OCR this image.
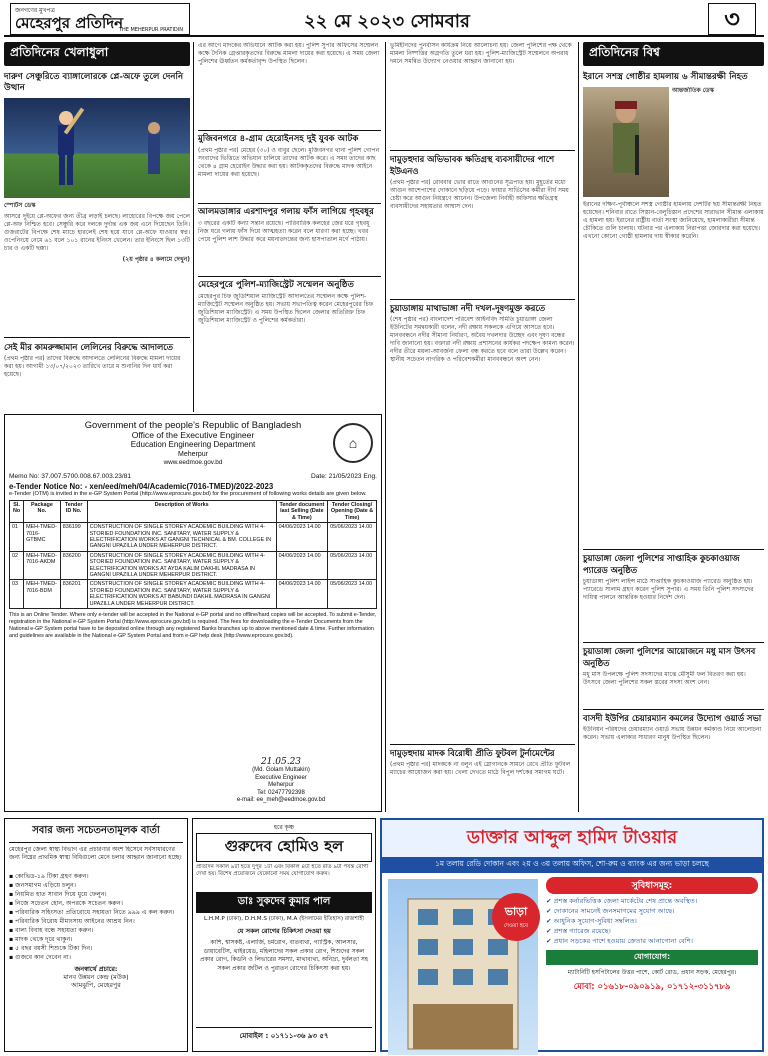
জনগণের মুখপত্র
মেহেরপুর প্রতিদিন
THE MEHERPUR PRATIDIN	২২ মে ২০২৩ সোমবার	৩
প্রতিদিনের খেলাধুলা
দারুণ সেঞ্চুরিতে ব্যাঙ্গালোরকে প্লে-অফে তুলে দেননি উত্থান

স্পোর্টস ডেস্ক

আসরে দুইয়ে প্লে-অফের জন্য তীব্র লড়াই চলছে। লাহোরের বিপক্ষে জয় পেলে প্লে-অফ নিশ্চিত হবে। সেঞ্চুরি করে দলকে দুর্দান্ত এক জয় এনে দিয়েছেন তিনি। গুজরাটের বিপক্ষে শেষ ম্যাচে হারলেই শেষ হয়ে যাবে প্লে-অফে যাওয়ার স্বপ্ন। ওপেনিংয়ে নেমে ৬১ বলে ১০১ রানের ইনিংস খেলেন। তার ইনিংসে ছিল ১৩টি চার ও একটি ছক্কা।

(২য় পৃষ্ঠার ৪ কলামে দেখুন)

সেই মীর কামরুজ্জামান লেলিনের বিরুদ্ধে আদালতে
(প্রথম পৃষ্ঠার পর) তাদের বিরুদ্ধে আদালতে লেলিনের বিরুদ্ধে মামলা দায়ের করা হয়। আগামী ১৩/০৭/২০২৩ তারিখে তারে ম শুনানির দিন ধার্য করা হয়েছে।
এর আগে মাদকের অভিযানে আটক করা হয়। পুলিশ সুপার অফিসের সম্মেলন কক্ষে দৈনিক গ্রেপ্তারকৃতদের বিরুদ্ধে মামলা দায়ের করা হয়েছে। এ সময় জেলা পুলিশের ঊর্ধ্বতন কর্মকর্তাবৃন্দ উপস্থিত ছিলেন।
মুজিবনগরে ৪-গ্রাম হেরোইনসহ দুই যুবক আটক
(প্রথম পৃষ্ঠার পর) মেহের (৩০) ও বাবুর ছেলে। মুজিবনগর থানা পুলিশ গোপন সংবাদের ভিত্তিতে অভিযান চালিয়ে তাদের আটক করে। এ সময় তাদের কাছ থেকে ৪ গ্রাম হেরোইন উদ্ধার করা হয়। আটককৃতদের বিরুদ্ধে মাদক আইনে মামলা দায়ের করা হয়েছে।
আলমডাঙ্গার এরশাদপুর গলায় ফাঁস লাগিয়ে গৃহবধূর
৩ বছরের একটি কন্যা সন্তান রয়েছে। পারিবারিক কলহের জের ধরে গৃহবধূ নিজ ঘরে গলায় ফাঁস দিয়ে আত্মহত্যা করেন বলে ধারণা করা হচ্ছে। খবর পেয়ে পুলিশ লাশ উদ্ধার করে ময়নাতদন্তের জন্য হাসপাতাল মর্গে পাঠায়।
মেহেরপুরে পুলিশ-ম্যাজিস্ট্রেট সম্মেলন অনুষ্ঠিত
মেহেরপুর চিফ জুডিশিয়াল ম্যাজিস্ট্রেট আদালতের সম্মেলন কক্ষে পুলিশ-ম্যাজিস্ট্রেট সম্মেলন অনুষ্ঠিত হয়। সভায় সভাপতিত্ব করেন মেহেরপুরের চিফ জুডিশিয়াল ম্যাজিস্ট্রেট। এ সময় উপস্থিত ছিলেন জেলার অতিরিক্ত চিফ জুডিশিয়াল ম্যাজিস্ট্রেট ও পুলিশের কর্মকর্তারা।
Government of the people's Republic of Bangladesh
Office of the Executive Engineer
Education Engineering Department
Meherpur
www.eedmoe.gov.bd
⌂
Memo No: 37.007.5700.008.67.003.23/81	Date: 21/05/2023 Eng.
e-Tender Notice No: - xen/eed/meh/04/Academic(7016-TMED)/2022-2023
e-Tender (OTM) is invited in the e-GP System Portal (http://www.eprocure.gov.bd) for the procurement of following works details are given below.
Sl. No	Package No.	Tender ID No.	Description of Works	Tender document last Selling (Date & Time)	Tender Closing/ Opening (Date & Time)
01	MEH-TMED-7016-GTBMC	836199	CONSTRUCTION OF SINGLE STOREY ACADEMIC BUILDING WITH 4-STORIED FOUNDATION INC. SANITARY, WATER SUPPLY & ELECTRIFICATION WORKS AT GANGNI TECHNICAL & BM. COLLEGE IN GANGNI UPAZILLA UNDER MEHERPUR DISTRICT.	04/06/2023 14.00	05/06/2023 14.00
02	MEH-TMED-7016-AKDM	836200	CONSTRUCTION OF SINGLE STOREY ACADEMIC BUILDING WITH 4-STORIED FOUNDATION INC. SANITARY, WATER SUPPLY & ELECTRIFICATION WORKS AT AYDA KALIM DAKHIL MADRASA IN GANGNI UPAZILLA UNDER MEHERPUR DISTRICT.	04/06/2023 14.00	05/06/2023 14.00
03	MEH-TMED-7016-BDM	836201	CONSTRUCTION OF SINGLE STOREY ACADEMIC BUILDING WITH 4-STORIED FOUNDATION INC. SANITARY, WATER SUPPLY & ELECTRIFICATION WORKS AT BABUNDI DAKHIL MADRASA IN GANGNI UPAZILLA UNDER MEHERPUR DISTRICT.	04/06/2023 14.00	05/06/2023 14.00
This is an Online Tender. Where only e-tender will be accepted in the National e-GP portal and no offline/hard copies will be accepted. To submit e-Tender, registration in the National e-GP System Portal (http://www.eprocure.gov.bd) is required. The fees for downloading the e-Tender Documents from the National e-GP System portal have to be deposited online through any registered Banks branches up to above mentioned date & time. Further information and guidelines are available in the National e-GP System Portal and from e-GP help desk (http://www.eprocure.gov.bd).
21.05.23
(Md. Golam Muttakin)
Executive Engineer
Meherpur
Tel: 02477792398
e-mail: ee_meh@eedmoe.gov.bd
ভুমিহীনদের পুনর্বাসন কার্যক্রম নিয়ে আলোচনা হয়। জেলা পুলিশের পক্ষ থেকে মামলা নিষ্পত্তির অগ্রগতি তুলে ধরা হয়। পুলিশ-ম্যাজিস্ট্রেট সম্মেলনে অপরাধ দমনে সমন্বিত উদ্যোগ নেওয়ার আহ্বান জানানো হয়।
দামুড়হুদার অভিভাবক ক্ষতিগ্রস্থ ব্যবসায়ীদের পাশে ইউএনও
(প্রথম পৃষ্ঠার পর) রোববার ভোর রাতে আগুনের সূত্রপাত হয়। মুহূর্তের মধ্যে আগুন আশেপাশের দোকানে ছড়িয়ে পড়ে। ফায়ার সার্ভিসের কর্মীরা দীর্ঘ সময় চেষ্টা করে আগুন নিয়ন্ত্রণে আনেন। উপজেলা নির্বাহী অফিসার ক্ষতিগ্রস্থ ব্যবসায়ীদের সহায়তার আশ্বাস দেন।
চুয়াডাঙ্গায় মাথাভাঙ্গা নদী দখল-দূষণমুক্ত করতে
(শেষ পৃষ্ঠার পর) বাংলাদেশ পরিবেশ আইনবিদ সমিতি চুয়াডাঙ্গা জেলা ইউনিটের সমন্বয়কারী বলেন, নদী রক্ষায় সকলকে এগিয়ে আসতে হবে। মানববন্ধনে নদীর সীমানা নির্ধারণ, অবৈধ দখলদার উচ্ছেদ এবং দূষণ বন্ধের দাবি জানানো হয়। বক্তারা নদী রক্ষায় প্রশাসনের কার্যকর পদক্ষেপ কামনা করেন। নদীর তীরে ময়লা-আবর্জনা ফেলা বন্ধ করতে হবে বলে তারা উল্লেখ করেন। স্থানীয় সচেতন নাগরিক ও পরিবেশকর্মীরা মানববন্ধনে অংশ নেন।
দামুড়হুদায় মাদক বিরোধী প্রীতি ফুটবল টুর্নামেন্টের
(প্রথম পৃষ্ঠার পর) মাদককে না বলুন এই স্লোগানকে সামনে রেখে প্রীতি ফুটবল ম্যাচের আয়োজন করা হয়। খেলা দেখতে মাঠে বিপুল দর্শকের সমাগম ঘটে।
প্রতিদিনের বিশ্ব
ইরানে সশস্ত্র গোষ্ঠীর হামলায় ৬ সীমান্তরক্ষী নিহত

আন্তর্জাতিক ডেস্ক

ইরানের দক্ষিণ-পূর্বাঞ্চলে সশস্ত্র গোষ্ঠীর হামলায় দেশটির ছয় সীমান্তরক্ষী নিহত হয়েছেন। শনিবার রাতে সিস্তান-বেলুচিস্তান প্রদেশের সারাভান সীমান্ত এলাকায় এ হামলা হয়। ইরানের রাষ্ট্রীয় বার্তা সংস্থা জানিয়েছে, হামলাকারীরা সীমান্ত চৌকিতে গুলি চালায়। ঘটনার পর এলাকায় নিরাপত্তা জোরদার করা হয়েছে। এখনো কোনো গোষ্ঠী হামলার দায় স্বীকার করেনি।
চুয়াডাঙ্গা জেলা পুলিশের সাপ্তাহিক কুচকাওয়াজ প্যারেড অনুষ্ঠিত
চুয়াডাঙ্গা পুলিশ লাইন্স মাঠে সাপ্তাহিক কুচকাওয়াজ প্যারেড অনুষ্ঠিত হয়। প্যারেডে সালাম গ্রহণ করেন পুলিশ সুপার। এ সময় তিনি পুলিশ সদস্যদের দায়িত্ব পালনে আন্তরিক হওয়ার নির্দেশ দেন।
চুয়াডাঙ্গা জেলা পুলিশের আয়োজনে মধু মাস উৎসব অনুষ্ঠিত
মধু মাস উপলক্ষে পুলিশ সদস্যদের মাঝে মৌসুমী ফল বিতরণ করা হয়। উৎসবে জেলা পুলিশের সকল স্তরের সদস্য অংশ নেন।
বাসদী ইউপির চেয়ারম্যান কমলের উদ্যোগ ওয়ার্ড সভা
ইউনিয়ন পরিষদের চেয়ারম্যান ওয়ার্ড সভায় উন্নয়ন কর্মকাণ্ড নিয়ে আলোচনা করেন। সভায় এলাকার সাধারণ মানুষ উপস্থিত ছিলেন।
সবার জন্য সচেতনতামূলক বার্তা
মেহেরপুর জেলা স্বাস্থ্য বিভাগ এর প্রচারণার অংশ হিসেবে সর্বসাধারণের জন্য নিম্নের প্রাথমিক স্বাস্থ্য বিধিগুলো মেনে চলার আহ্বান জানানো হচ্ছে।
▪ কোভিড-১৯ টিকা গ্রহণ করুন।
▪ জনসমাগম এড়িয়ে চলুন।
▪ নিয়মিত হাত সাবান দিয়ে ধুয়ে ফেলুন।
▪ নিজে সচেতন হোন, অপরকে সচেতন করুন।
▪ পরিবারিক সহিংসতা প্রতিরোধে সহায়তা নিতে ৯৯৯ এ কল করুন।
▪ পরিবারিক বিরোধ মীমাংসায় আইনের আশ্রয় নিন।
▪ বাল্য বিবাহ বন্ধে সহায়তা করুন।
▪ মাদক থেকে দূরে থাকুন।
▪ ৫ বছর বয়সী শিশুকে টিকা দিন।
▪ গুজবে কান দেবেন না।
জনস্বার্থে প্রচারে:
মানব উন্নয়ন কেন্দ্র (মউক)
আমঝুপি, মেহেরপুর
হরে কৃষ্ণ
গুরুদেব হোমিও হল
প্রতিদিন সকাল ৯টা হতে দুপুর ১টা এবং বিকাল ৪টা হতে রাত ৯টা পর্যন্ত রোগী দেখা হয়। বিশেষ প্রয়োজনে যেকোনো সময় যোগাযোগ করুন।
ডাঃ সুকদেব কুমার পাল
L.H.M.P (ঢাকা), D.H.M.S (ঢাকা), M.A (ইসলামের ইতিহাস) রাজশাহী
যে সকল রোগের চিকিৎসা দেওয়া হয়
কাশি, শ্বাসকষ্ট, এলার্জি, চর্মরোগ, বাতব্যথা, গ্যাস্ট্রিক, আলসার, ডায়াবেটিস, থাইরয়েড, মহিলাদের সকল প্রকার রোগ, শিশুদের সকল প্রকার রোগ, কিডনি ও লিভারের সমস্যা, মাথাব্যথা, অনিদ্রা, দুর্বলতা সহ সকল প্রকার জটিল ও পুরাতন রোগের চিকিৎসা করা হয়।
মোবাইল : ০১৭১১-৩৬ ৯৩ ৫৭
ডাক্তার আব্দুল হামিদ টাওয়ার
১ম তলায় রেডি দোকান এবং ২য় ও ৩য় তলায় অফিস, শো-রুম ও ব্যাংক এর জন্য ভাড়া চলছে
ভাড়া
দেওয়া হবে
সুবিধাসমূহ:
✔ প্রশস্ত কর্নারভিত্তিক জেলা মার্কেটের শেষ প্রান্তে অবস্থিত।
✔ দোকানের সামনেই জনসমাগমের সুযোগ আছে।
✔ আধুনিক সুযোগ-সুবিধা সম্বলিত।
✔ প্রশস্ত গ্যারেজ রয়েছে।
✔ প্রধান সড়কের পাশে হওয়ায় ক্রেতার আনাগোনা বেশি।
যোগাযোগ:
ম্যাটার্নিটি হসপিটালের উত্তর পাশে, কোর্ট রোড, প্রধান সড়ক, মেহেরপুর।
মোবা: ০১৬১৮-০৯০৯১৯, ০১৭১২-৩১১৭৮৯
